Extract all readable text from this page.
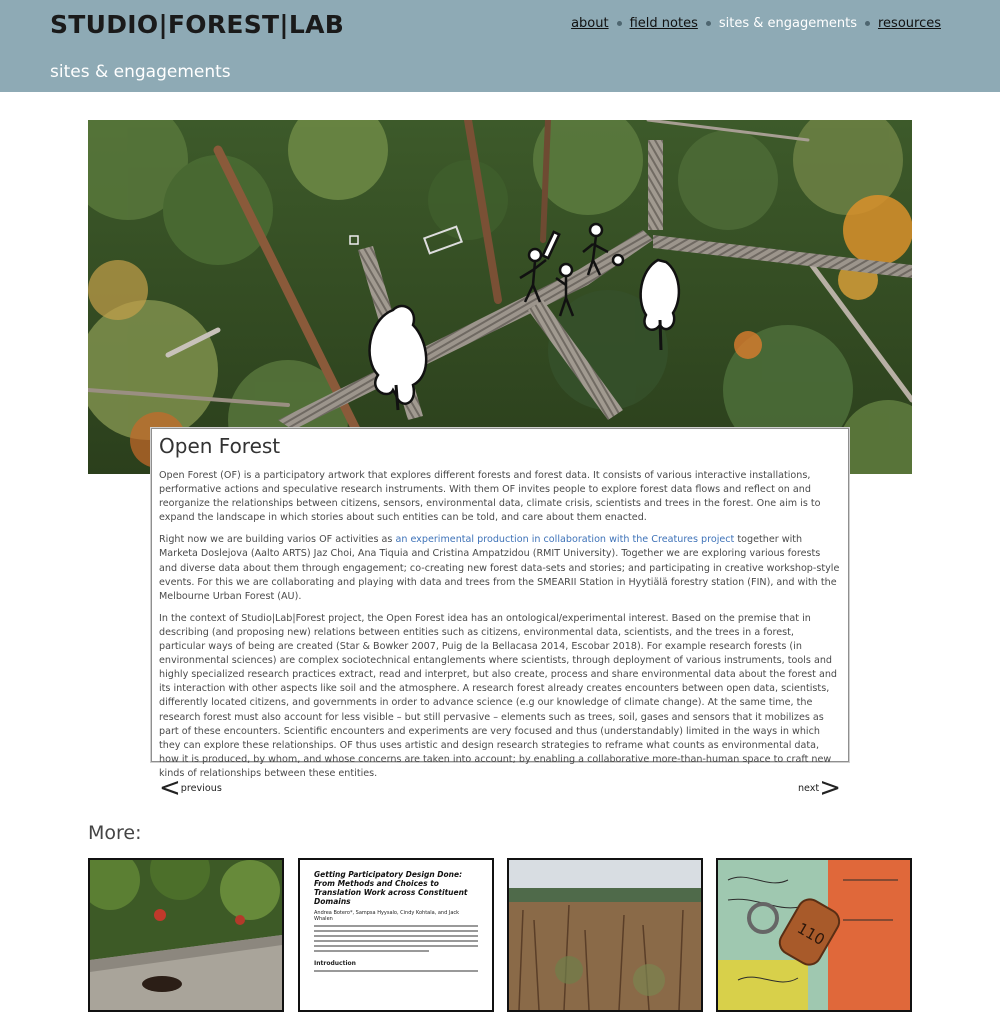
STUDIO|FOREST|LAB
sites & engagements
about field notes sites & engagements resources
Open Forest

Open Forest (OF) is a participatory artwork that explores different forests and forest data. It consists of various interactive installations, performative actions and speculative research instruments. With them OF invites people to explore forest data flows and reflect on and reorganize the relationships between citizens, sensors, environmental data, climate crisis, scientists and trees in the forest. One aim is to expand the landscape in which stories about such entities can be told, and care about them enacted.

Right now we are building varios OF activities as an experimental production in collaboration with the Creatures project together with Marketa Doslejova (Aalto ARTS) Jaz Choi, Ana Tiquia and Cristina Ampatzidou (RMIT University). Together we are exploring various forests and diverse data about them through engagement; co-creating new forest data-sets and stories; and participating in creative workshop-style events. For this we are collaborating and playing with data and trees from the SMEARII Station in Hyytiälä forestry station (FIN), and with the Melbourne Urban Forest (AU).

In the context of Studio|Lab|Forest project, the Open Forest idea has an ontological/experimental interest. Based on the premise that in describing (and proposing new) relations between entities such as citizens, environmental data, scientists, and the trees in a forest, particular ways of being are created (Star & Bowker 2007, Puig de la Bellacasa 2014, Escobar 2018). For example research forests (in environmental sciences) are complex sociotechnical entanglements where scientists, through deployment of various instruments, tools and highly specialized research practices extract, read and interpret, but also create, process and share environmental data about the forest and its interaction with other aspects like soil and the atmosphere. A research forest already creates encounters between open data, scientists, differently located citizens, and governments in order to advance science (e.g our knowledge of climate change). At the same time, the research forest must also account for less visible – but still pervasive – elements such as trees, soil, gases and sensors that it mobilizes as part of these encounters. Scientific encounters and experiments are very focused and thus (understandably) limited in the ways in which they can explore these relationships. OF thus uses artistic and design research strategies to reframe what counts as environmental data, how it is produced, by whom, and whose concerns are taken into account; by enabling a collaborative more-than-human space to craft new kinds of relationships between these entities.

< previous	next >
More:
Getting Participatory Design Done: From Methods and Choices to Translation Work across Constituent Domains
Andrea Botero*, Sampsa Hyysalo, Cindy Kohtala, and Jack Whalen
Introduction
110
